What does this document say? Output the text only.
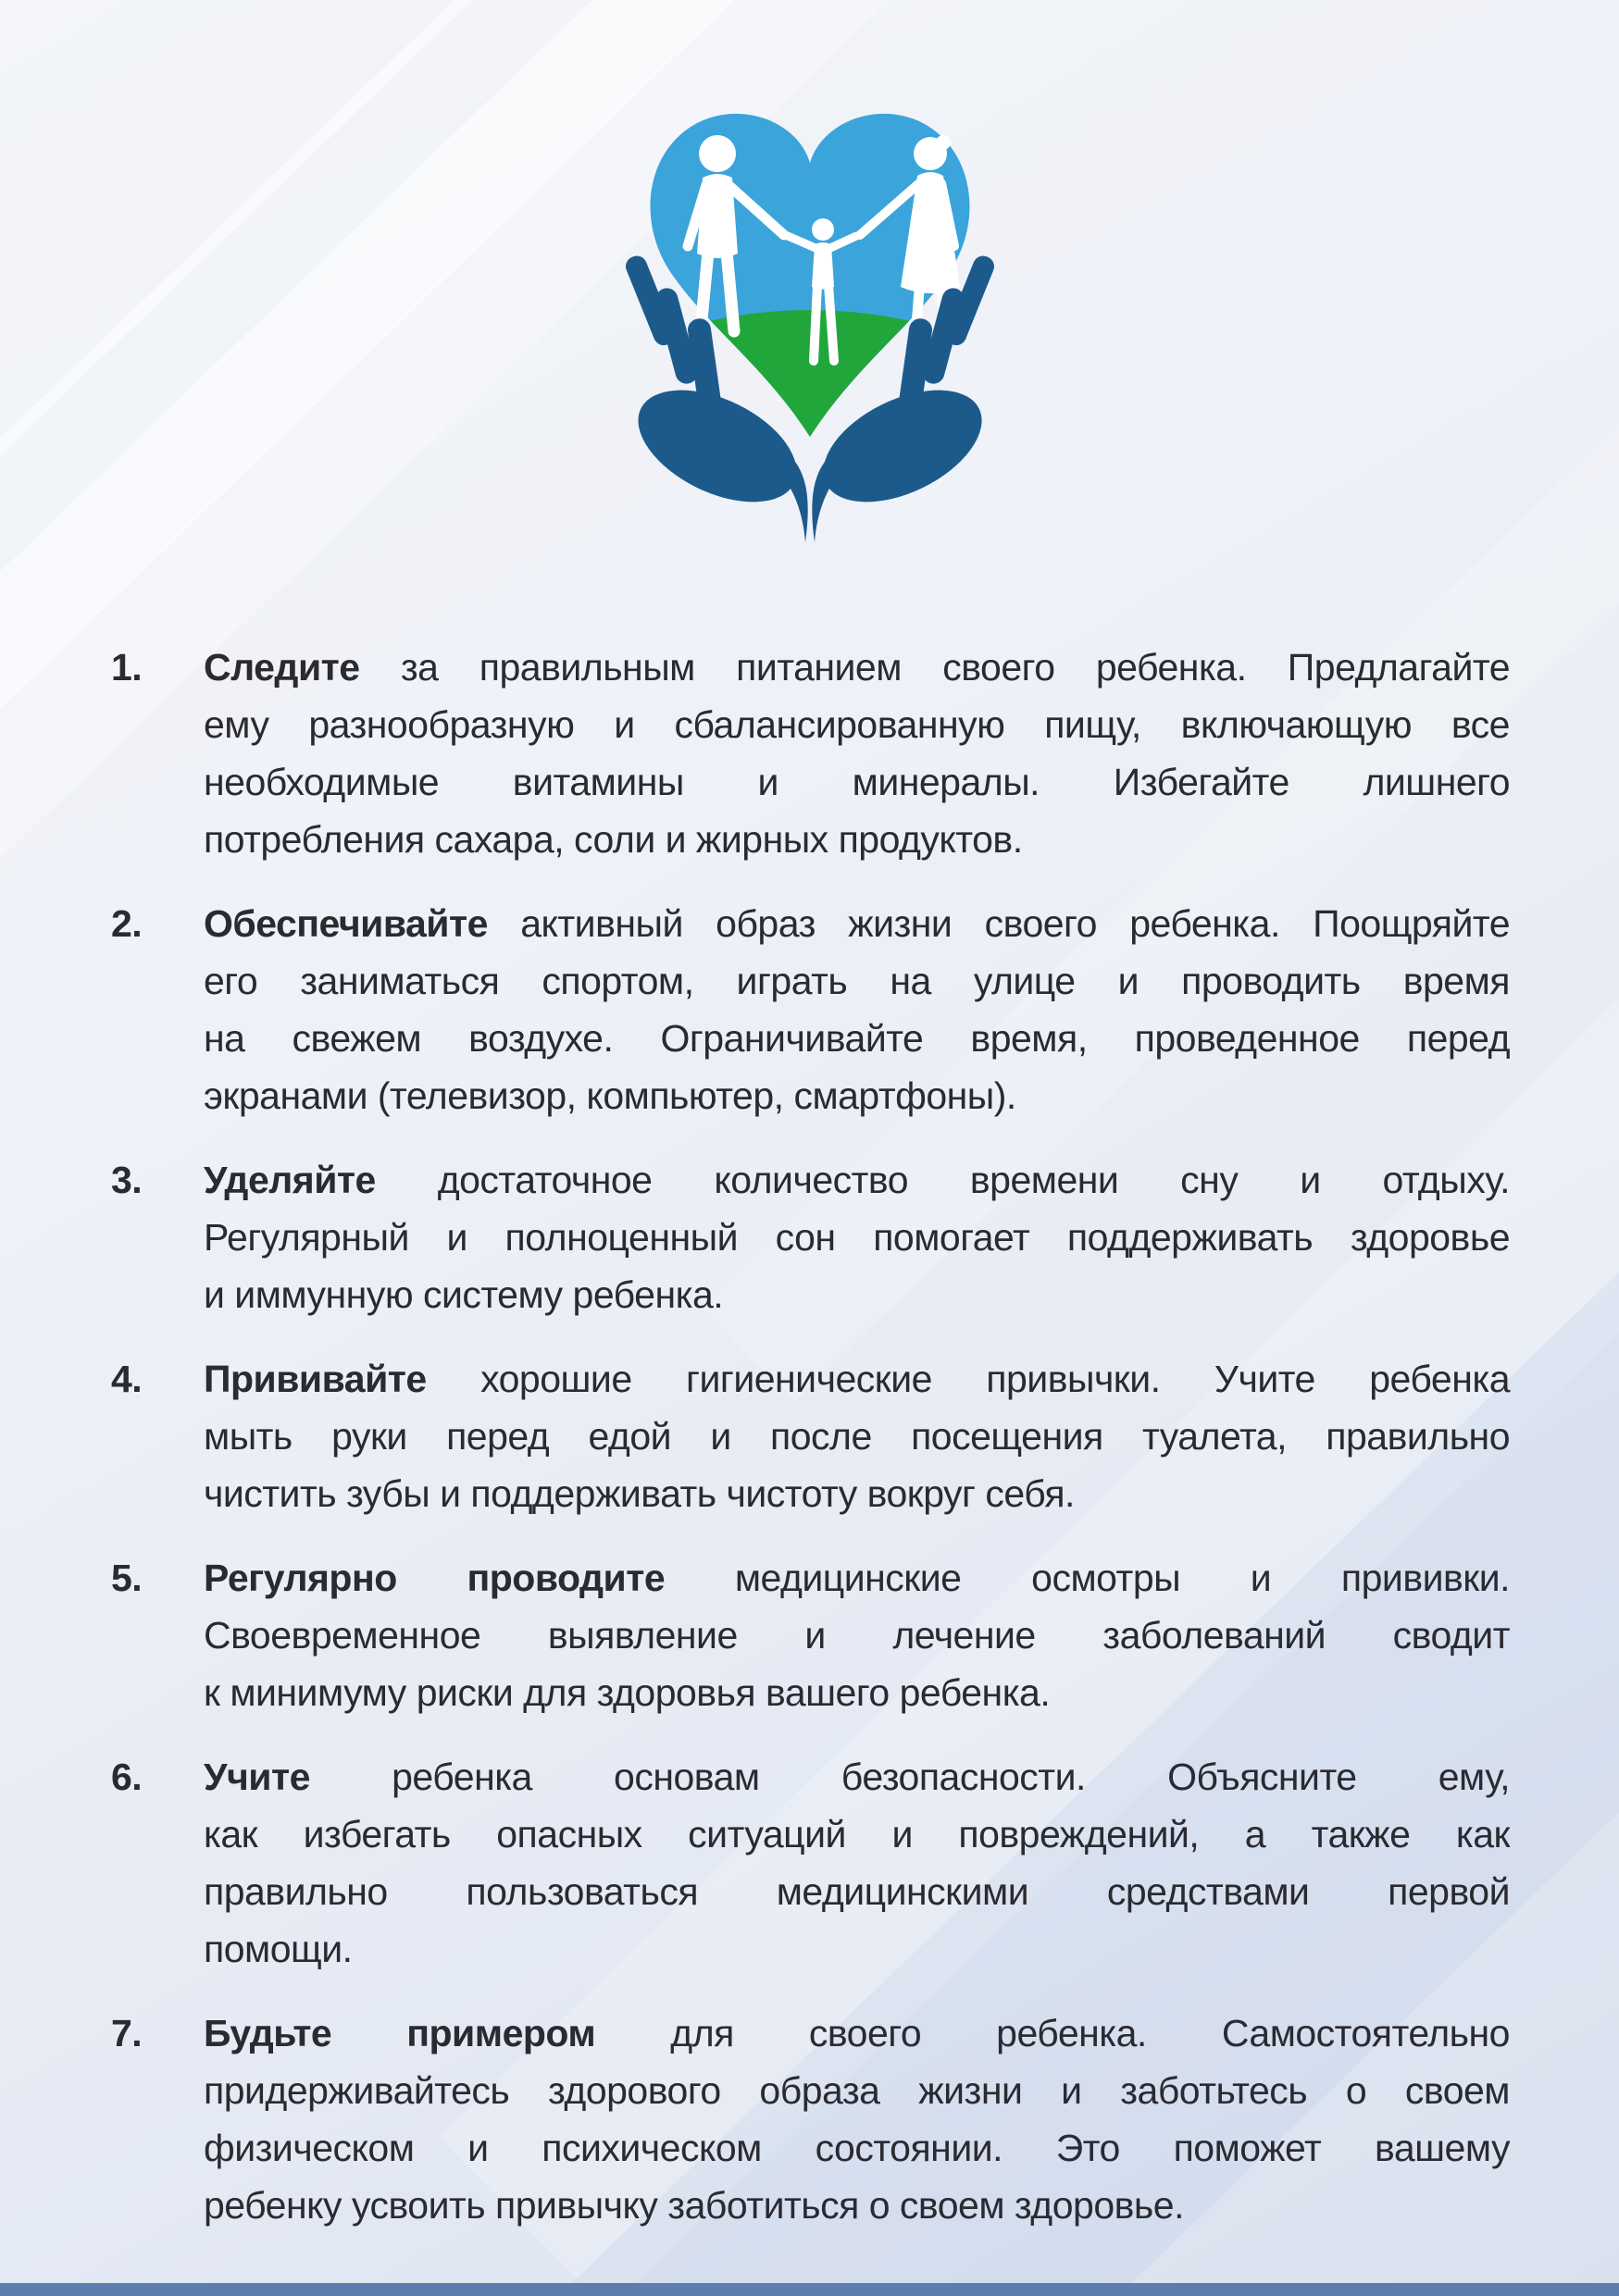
1.	Следите за правильным питанием своего ребенка. Предлагайте
ему разнообразную и сбалансированную пищу, включающую все
необходимые витамины и минералы. Избегайте лишнего
потребления сахара, соли и жирных продуктов.
2.	Обеспечивайте активный образ жизни своего ребенка. Поощряйте
его заниматься спортом, играть на улице и проводить время
на свежем воздухе. Ограничивайте время, проведенное перед
экранами (телевизор, компьютер, смартфоны).
3.	Уделяйте достаточное количество времени сну и отдыху.
Регулярный и полноценный сон помогает поддерживать здоровье
и иммунную систему ребенка.
4.	Прививайте хорошие гигиенические привычки. Учите ребенка
мыть руки перед едой и после посещения туалета, правильно
чистить зубы и поддерживать чистоту вокруг себя.
5.	Регулярно проводите медицинские осмотры и прививки.
Своевременное выявление и лечение заболеваний сводит
к минимуму риски для здоровья вашего ребенка.
6.	Учите ребенка основам безопасности. Объясните ему,
как избегать опасных ситуаций и повреждений, а также как
правильно пользоваться медицинскими средствами первой
помощи.
7.	Будьте примером для своего ребенка. Самостоятельно
придерживайтесь здорового образа жизни и заботьтесь о своем
физическом и психическом состоянии. Это поможет вашему
ребенку усвоить привычку заботиться о своем здоровье.
